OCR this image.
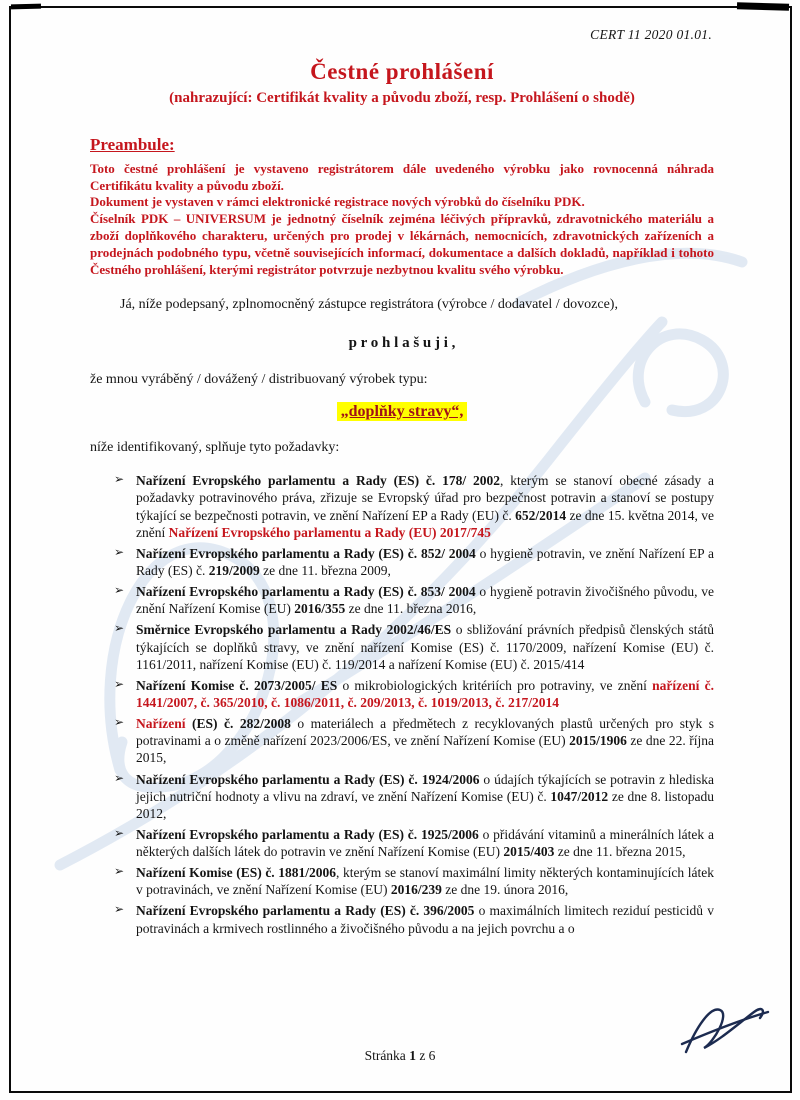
CERT 11 2020 01.01.
Čestné prohlášení
(nahrazující: Certifikát kvality a původu zboží, resp. Prohlášení o shodě)
Preambule:

Toto čestné prohlášení je vystaveno registrátorem dále uvedeného výrobku jako rovnocenná náhrada Certifikátu kvality a původu zboží.

Dokument je vystaven v rámci elektronické registrace nových výrobků do číselníku PDK.

Číselník PDK – UNIVERSUM je jednotný číselník zejména léčivých přípravků, zdravotnického materiálu a zboží doplňkového charakteru, určených pro prodej v lékárnách, nemocnicích, zdravotnických zařízeních a prodejnách podobného typu, včetně souvisejících informací, dokumentace a dalších dokladů, například i tohoto Čestného prohlášení, kterými registrátor potvrzuje nezbytnou kvalitu svého výrobku.

Já, níže podepsaný, zplnomocněný zástupce registrátora (výrobce / dodavatel / dovozce),

p r o h l a š u j i ,

že mnou vyráběný / dovážený / distribuovaný výrobek typu:

„doplňky stravy“,

níže identifikovaný, splňuje tyto požadavky:

➢ Nařízení Evropského parlamentu a Rady (ES) č. 178/ 2002, kterým se stanoví obecné zásady a požadavky potravinového práva, zřizuje se Evropský úřad pro bezpečnost potravin a stanoví se postupy týkající se bezpečnosti potravin, ve znění Nařízení EP a Rady (EU) č. 652/2014 ze dne 15. května 2014, ve znění Nařízení Evropského parlamentu a Rady (EU) 2017/745
➢ Nařízení Evropského parlamentu a Rady (ES) č. 852/ 2004 o hygieně potravin, ve znění Nařízení EP a Rady (ES) č. 219/2009 ze dne 11. března 2009,
➢ Nařízení Evropského parlamentu a Rady (ES) č. 853/ 2004 o hygieně potravin živočišného původu, ve znění Nařízení Komise (EU) 2016/355 ze dne 11. března 2016,
➢ Směrnice Evropského parlamentu a Rady 2002/46/ES o sbližování právních předpisů členských států týkajících se doplňků stravy, ve znění nařízení Komise (ES) č. 1170/2009, nařízení Komise (EU) č. 1161/2011, nařízení Komise (EU) č. 119/2014 a nařízení Komise (EU) č. 2015/414
➢ Nařízení Komise č. 2073/2005/ ES o mikrobiologických kritériích pro potraviny, ve znění nařízení č. 1441/2007, č. 365/2010, č. 1086/2011, č. 209/2013, č. 1019/2013, č. 217/2014
➢ Nařízení (ES) č. 282/2008 o materiálech a předmětech z recyklovaných plastů určených pro styk s potravinami a o změně nařízení 2023/2006/ES, ve znění Nařízení Komise (EU) 2015/1906 ze dne 22. října 2015,
➢ Nařízení Evropského parlamentu a Rady (ES) č. 1924/2006 o údajích týkajících se potravin z hlediska jejich nutriční hodnoty a vlivu na zdraví, ve znění Nařízení Komise (EU) č. 1047/2012 ze dne 8. listopadu 2012,
➢ Nařízení Evropského parlamentu a Rady (ES) č. 1925/2006 o přidávání vitaminů a minerálních látek a některých dalších látek do potravin ve znění Nařízení Komise (EU) 2015/403 ze dne 11. března 2015,
➢ Nařízení Komise (ES) č. 1881/2006, kterým se stanoví maximální limity některých kontaminujících látek v potravinách, ve znění Nařízení Komise (EU) 2016/239 ze dne 19. února 2016,
➢ Nařízení Evropského parlamentu a Rady (ES) č. 396/2005 o maximálních limitech reziduí pesticidů v potravinách a krmivech rostlinného a živočišného původu a na jejich povrchu a o
Stránka 1 z 6
